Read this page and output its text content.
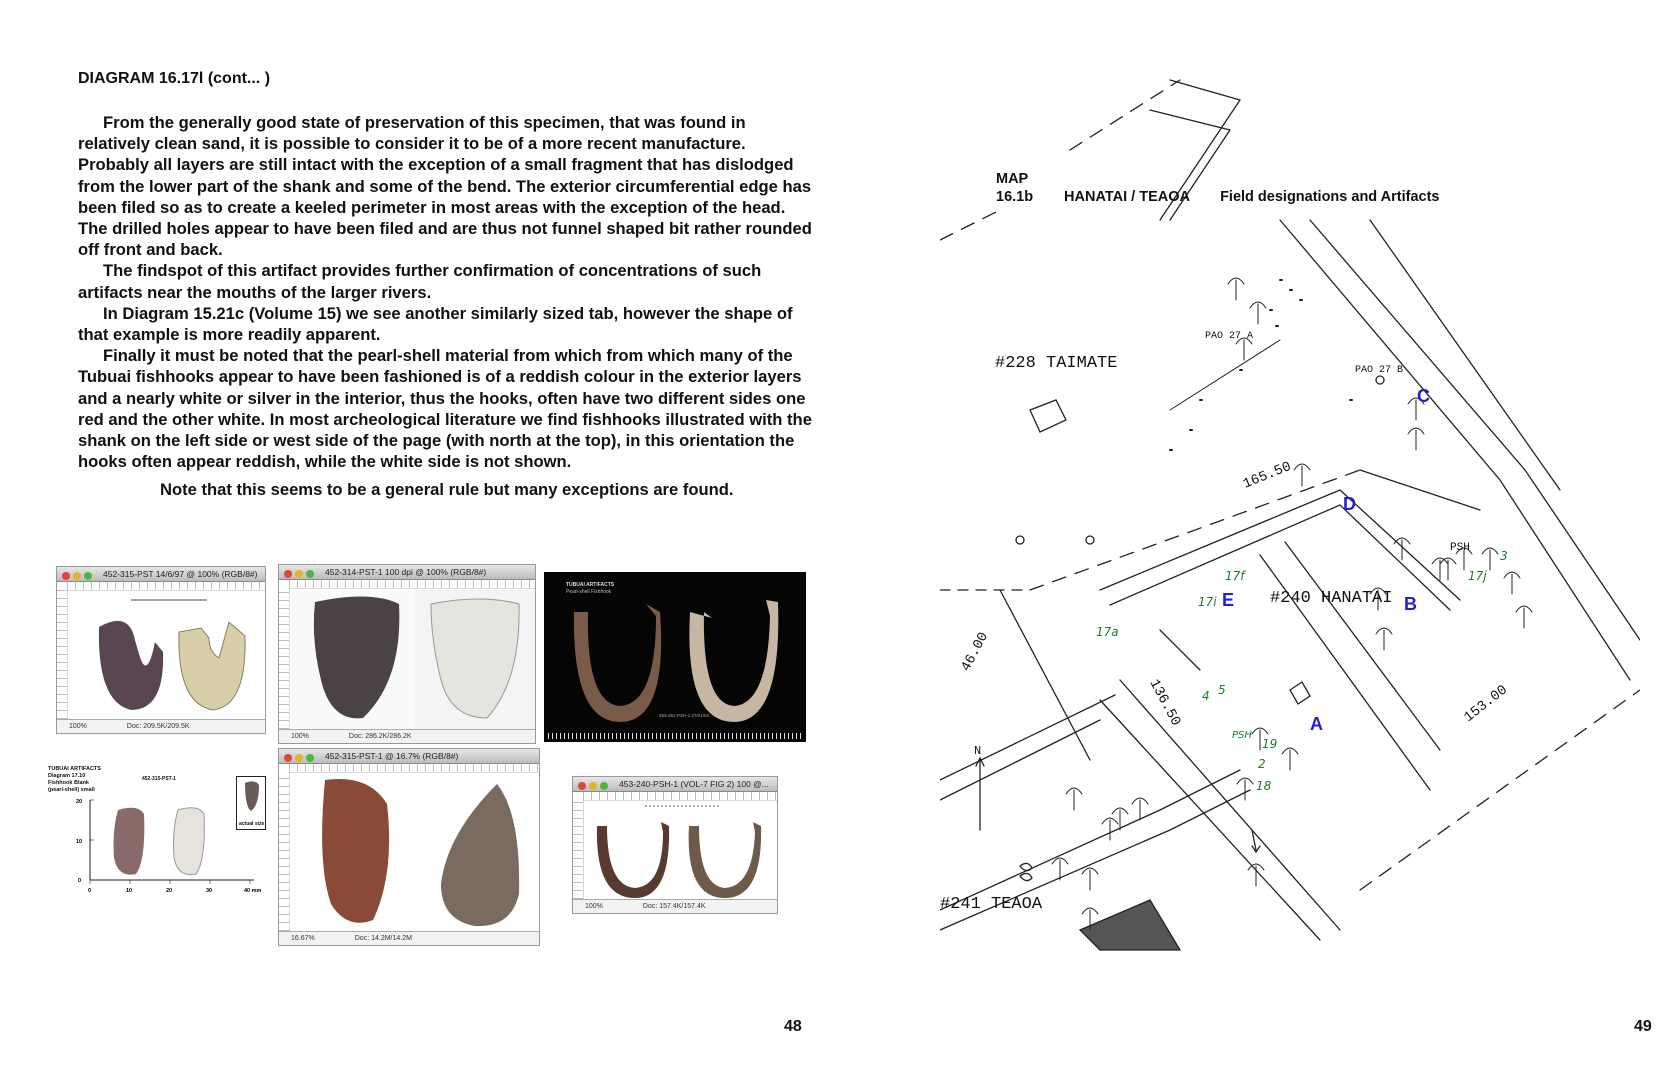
DIAGRAM 16.17l (cont... )

From the generally good state of preservation of this specimen, that was found in relatively clean sand, it is possible to consider it to be of a more recent manufacture. Probably all layers are still intact with the exception of a small fragment that has dislodged from the lower part of the shank and some of the bend. The exterior circumferential edge has been filed so as to create a keeled perimeter in most areas with the exception of the head. The drilled holes appear to have been filed and are thus not funnel shaped bit rather rounded off front and back.

The findspot of this artifact provides further confirmation of concentrations of such artifacts near the mouths of the larger rivers.

In Diagram 15.21c (Volume 15) we see another similarly sized tab, however the shape of that example is more readily apparent.

Finally it must be noted that the pearl-shell material from which from which many of the Tubuai fishhooks appear to have been fashioned is of a reddish colour in the exterior layers and a nearly white or silver in the interior, thus the hooks, often have two different sides one red and the other white. In most archeological literature we find fishhooks illustrated with the shank on the left side or west side of the page (with north at the top), in this orientation the hooks often appear reddish, while the white side is not shown.

Note that this seems to be a general rule but many exceptions are found.

452-315-PST 14/6/97 @ 100% (RGB/8#)
100%	Doc: 209.5K/209.5K
452-314-PST-1 100 dpi @ 100% (RGB/8#)
100%	Doc: 286.2K/286.2K
TUBUAI ARTIFACTS
Pearl-shell Fishhook
453-281-PSH-1 27/01/03
452-315-PST-1 @ 16.7% (RGB/8#)
16.67%	Doc: 14.2M/14.2M
453-240-PSH-1 (VOL-7 FIG 2) 100 @...
100%	Doc: 157.4K/157.4K
TUBUAI ARTIFACTS
Diagram 17.10
Fishhook Blank
(pearl-shell) small
452-315-PST-1
actual size
20
10
0
0	10	20	30	40 mm
48
#228 TAIMATE
#240 HANATAI
#241 TEAOA
PAO 27 A
PAO 27 B
165.50
46.00
136.50	153.00
PSH
N
C
D
E	B
A
17f
17i
17a
17j
4 5
19
2
18
3
PSH
MAP
16.1b HANATAI / TEAOA Field designations and Artifacts
49
